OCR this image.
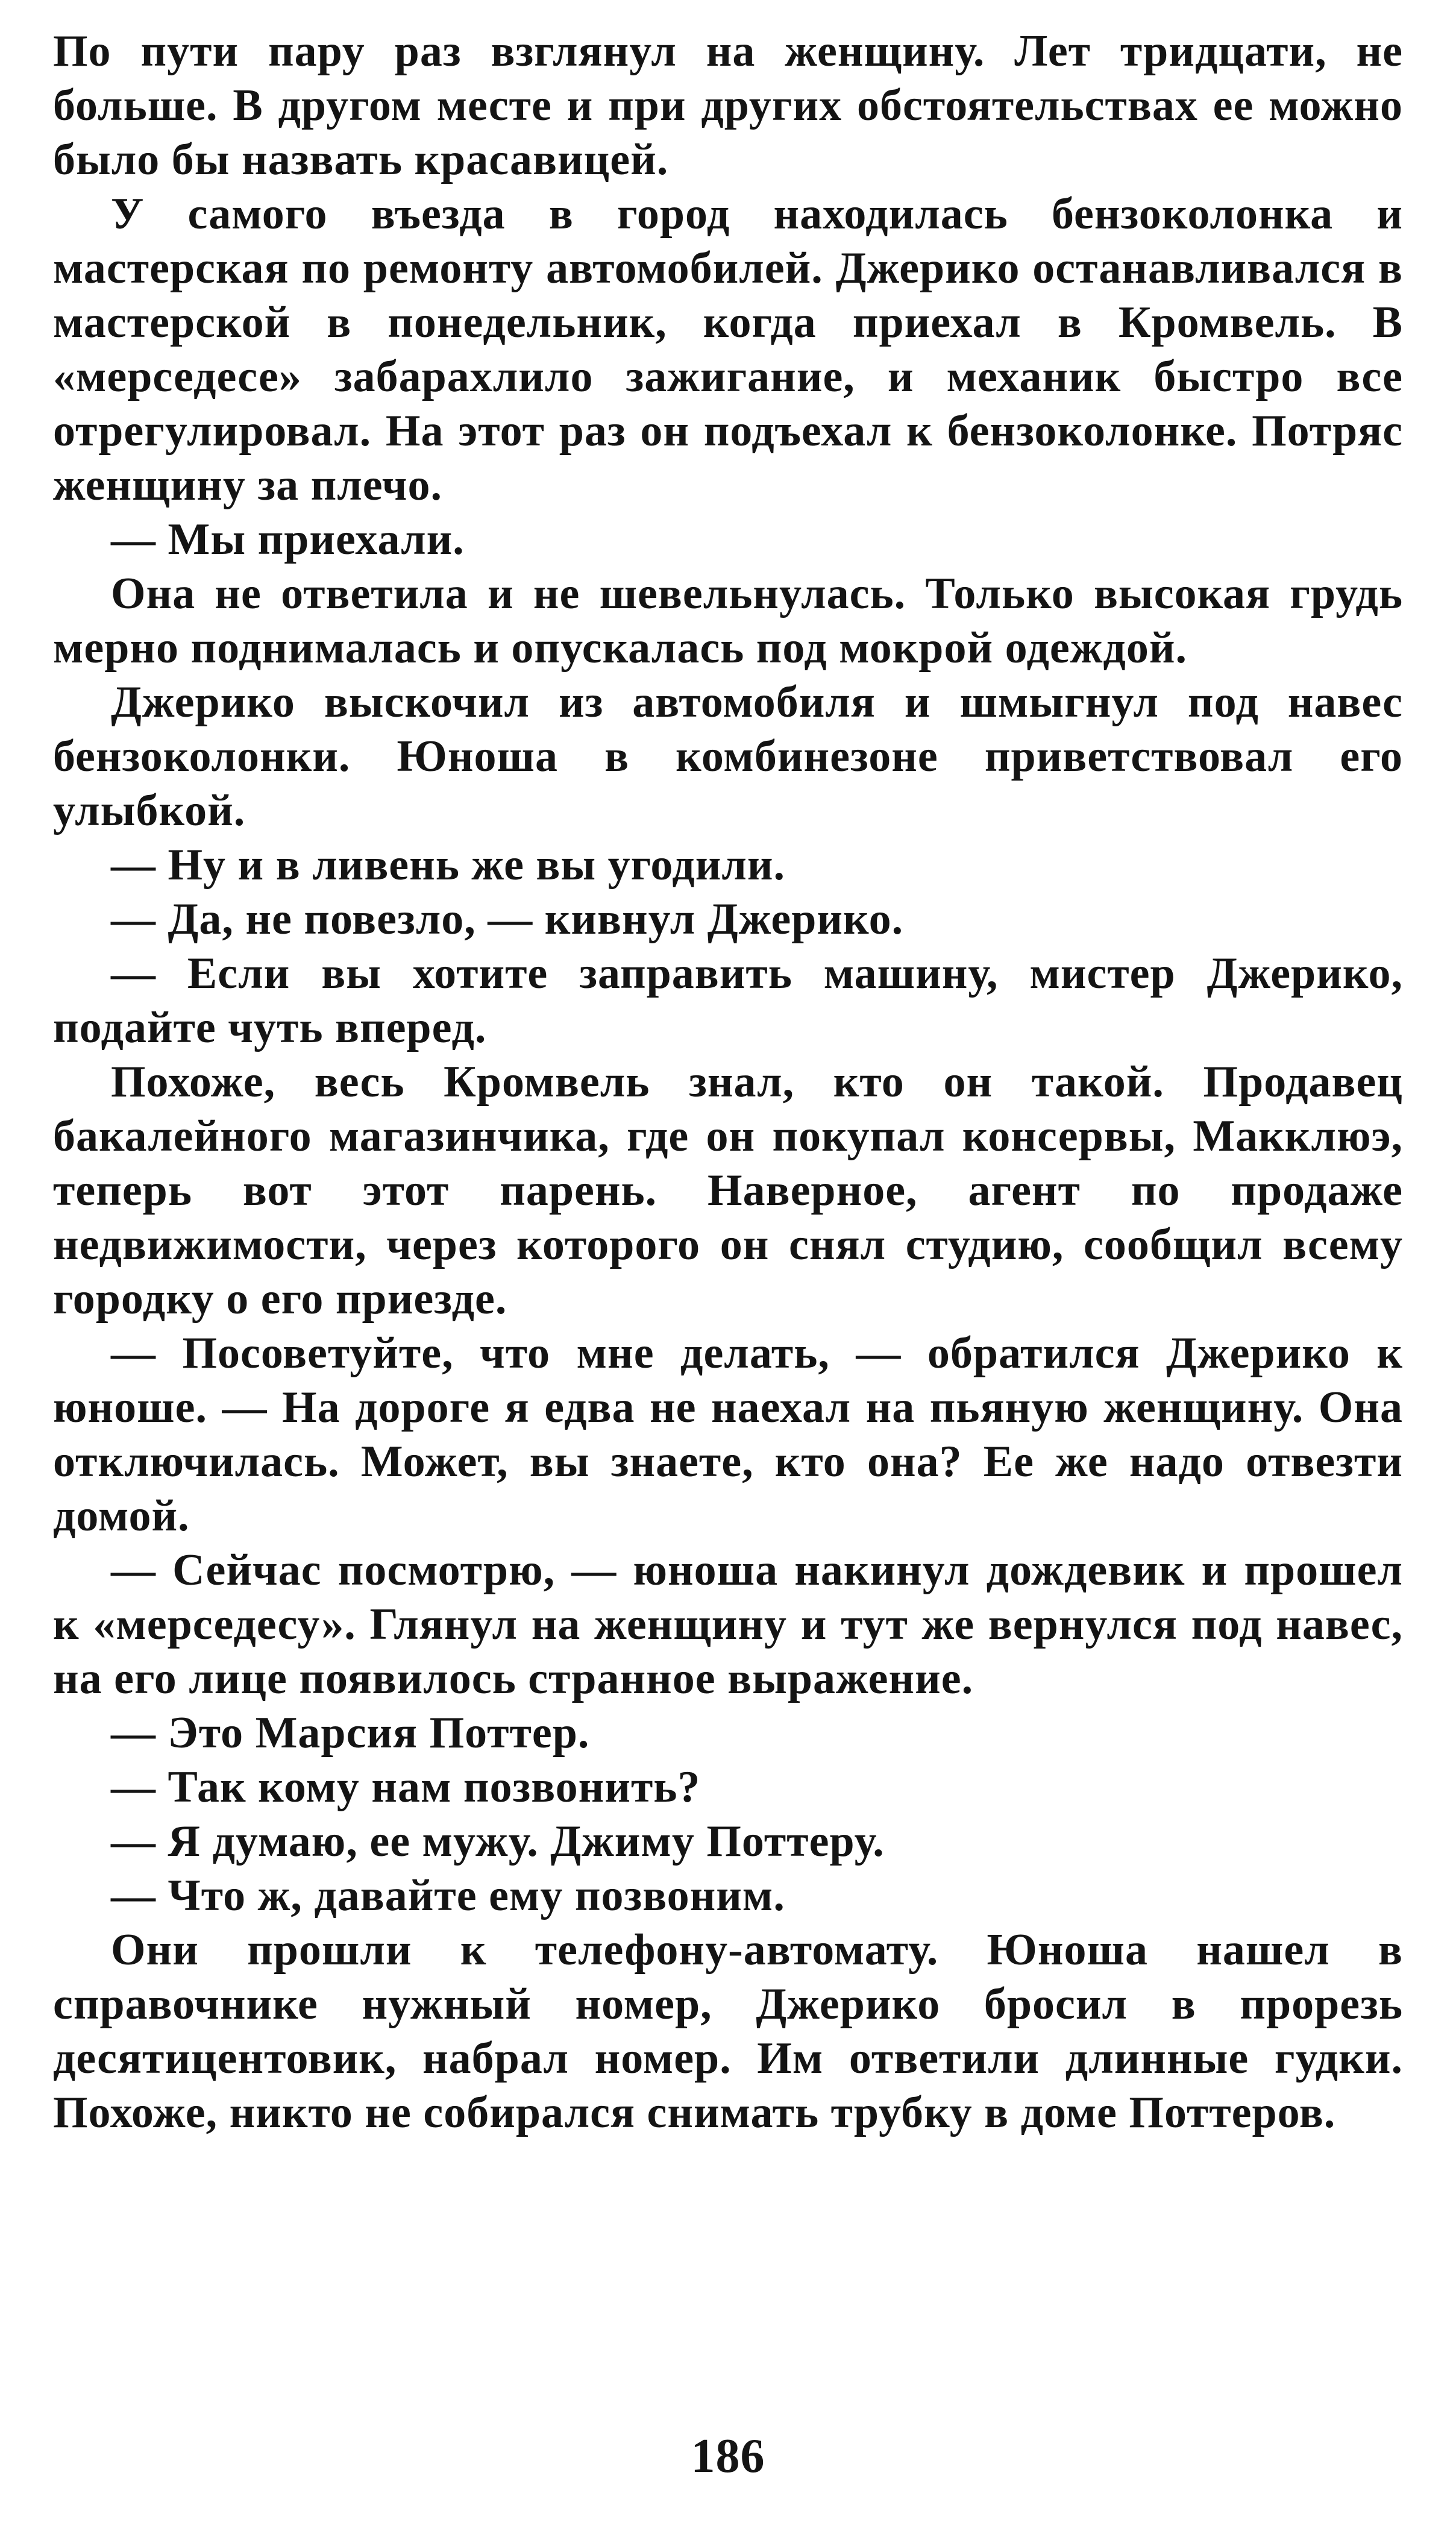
По пути пару раз взглянул на женщину. Лет тридцати, не больше. В другом месте и при других обстоятельствах ее можно было бы назвать красавицей.

У самого въезда в город находилась бензоколонка и мастерская по ремонту автомобилей. Джерико останавливался в мастерской в понедельник, когда приехал в Кромвель. В «мерседесе» забарахлило зажигание, и механик быстро все отрегулировал. На этот раз он подъехал к бензоколонке. Потряс женщину за плечо.

— Мы приехали.

Она не ответила и не шевельнулась. Только высокая грудь мерно поднималась и опускалась под мокрой одеждой.

Джерико выскочил из автомобиля и шмыгнул под навес бензоколонки. Юноша в комбинезоне приветствовал его улыбкой.

— Ну и в ливень же вы угодили.

— Да, не повезло, — кивнул Джерико.

— Если вы хотите заправить машину, мистер Джерико, подайте чуть вперед.

Похоже, весь Кромвель знал, кто он такой. Продавец бакалейного магазинчика, где он покупал консервы, Макклюэ, теперь вот этот парень. Наверное, агент по продаже недвижимости, через которого он снял студию, сообщил всему городку о его приезде.

— Посоветуйте, что мне делать, — обратился Джерико к юноше. — На дороге я едва не наехал на пьяную женщину. Она отключилась. Может, вы знаете, кто она? Ее же надо отвезти домой.

— Сейчас посмотрю, — юноша накинул дождевик и прошел к «мерседесу». Глянул на женщину и тут же вернулся под навес, на его лице появилось странное выражение.

— Это Марсия Поттер.

— Так кому нам позвонить?

— Я думаю, ее мужу. Джиму Поттеру.

— Что ж, давайте ему позвоним.

Они прошли к телефону-автомату. Юноша нашел в справочнике нужный номер, Джерико бросил в прорезь десятицентовик, набрал номер. Им ответили длинные гудки. Похоже, никто не собирался снимать трубку в доме Поттеров.

186
